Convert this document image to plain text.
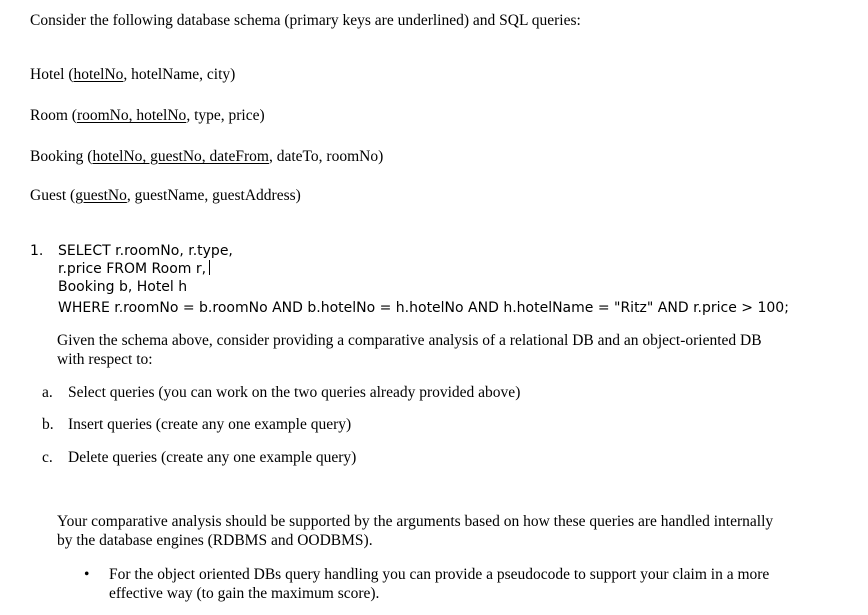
Consider the following database schema (primary keys are underlined) and SQL queries:
Hotel (hotelNo, hotelName, city)
Room (roomNo, hotelNo, type, price)
Booking (hotelNo, guestNo, dateFrom, dateTo, roomNo)
Guest (guestNo, guestName, guestAddress)
1. SELECT r.roomNo, r.type,
r.price FROM Room r,
Booking b, Hotel h
WHERE r.roomNo = b.roomNo AND b.hotelNo = h.hotelNo AND h.hotelName = "Ritz" AND r.price > 100;
Given the schema above, consider providing a comparative analysis of a relational DB and an object-oriented DB
with respect to:
a. Select queries (you can work on the two queries already provided above)
b. Insert queries (create any one example query)
c. Delete queries (create any one example query)
Your comparative analysis should be supported by the arguments based on how these queries are handled internally
by the database engines (RDBMS and OODBMS).
• For the object oriented DBs query handling you can provide a pseudocode to support your claim in a more
effective way (to gain the maximum score).
